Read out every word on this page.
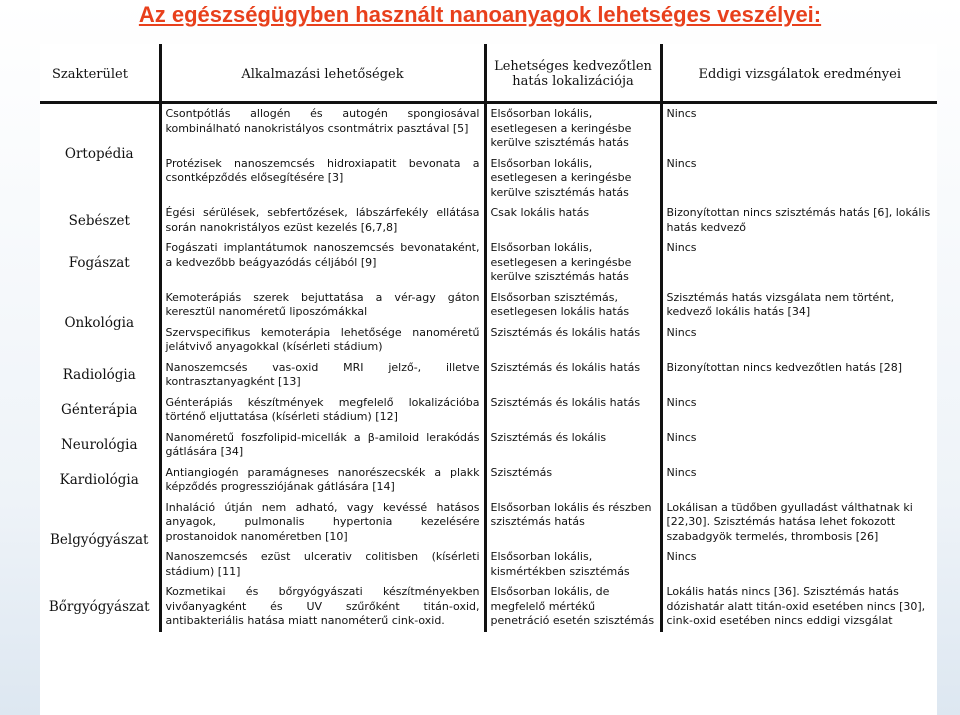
Az egészségügyben használt nanoanyagok lehetséges veszélyei:
Szakterület	Alkalmazási lehetőségek	Lehetséges kedvezőtlen hatás lokalizációja	Eddigi vizsgálatok eredményei
Ortopédia	Csontpótlás allogén és autogén spongiosával kombinálható nanokristályos csontmátrix pasztával [5]	Elsősorban lokális, esetlegesen a keringésbe kerülve szisztémás hatás	Nincs
	Protézisek nanoszemcsés hidroxiapatit bevonata a csontképződés elősegítésére [3]	Elsősorban lokális, esetlegesen a keringésbe kerülve szisztémás hatás	Nincs
Sebészet	Égési sérülések, sebfertőzések, lábszárfekély ellátása során nanokristályos ezüst kezelés [6,7,8]	Csak lokális hatás	Bizonyítottan nincs szisztémás hatás [6], lokális hatás kedvező
Fogászat	Fogászati implantátumok nanoszemcsés bevonataként, a kedvezőbb beágyazódás céljából [9]	Elsősorban lokális, esetlegesen a keringésbe kerülve szisztémás hatás	Nincs
Onkológia	Kemoterápiás szerek bejuttatása a vér-agy gáton keresztül nanoméretű liposzómákkal	Elsősorban szisztémás, esetlegesen lokális hatás	Szisztémás hatás vizsgálata nem történt, kedvező lokális hatás [34]
	Szervspecifikus kemoterápia lehetősége nanoméretű jelátvivő anyagokkal (kísérleti stádium)	Szisztémás és lokális hatás	Nincs
Radiológia	Nanoszemcsés vas-oxid MRI jelző-, illetve kontrasztanyagként [13]	Szisztémás és lokális hatás	Bizonyítottan nincs kedvezőtlen hatás [28]
Génterápia	Génterápiás készítmények megfelelő lokalizációba történő eljuttatása (kísérleti stádium) [12]	Szisztémás és lokális hatás	Nincs
Neurológia	Nanoméretű foszfolipid-micellák a β-amiloid lerakódás gátlására [34]	Szisztémás és lokális	Nincs
Kardiológia	Antiangiogén paramágneses nanorészecskék a plakk képződés progressziójának gátlására [14]	Szisztémás	Nincs
Belgyógyászat	Inhaláció útján nem adható, vagy kevéssé hatásos anyagok, pulmonalis hypertonia kezelésére prostanoidok nanoméretben [10]	Elsősorban lokális és részben szisztémás hatás	Lokálisan a tüdőben gyulladást válthatnak ki [22,30]. Szisztémás hatása lehet fokozott szabadgyök termelés, thrombosis [26]
	Nanoszemcsés ezüst ulcerativ colitisben (kísérleti stádium) [11]	Elsősorban lokális, kismértékben szisztémás	Nincs
Bőrgyógyászat	Kozmetikai és bőrgyógyászati készítményekben vivőanyagként és UV szűrőként titán-oxid, antibakteriális hatása miatt nanométerű cink-oxid.	Elsősorban lokális, de megfelelő mértékű penetráció esetén szisztémás	Lokális hatás nincs [36]. Szisztémás hatás dózishatár alatt titán-oxid esetében nincs [30], cink-oxid esetében nincs eddigi vizsgálat
